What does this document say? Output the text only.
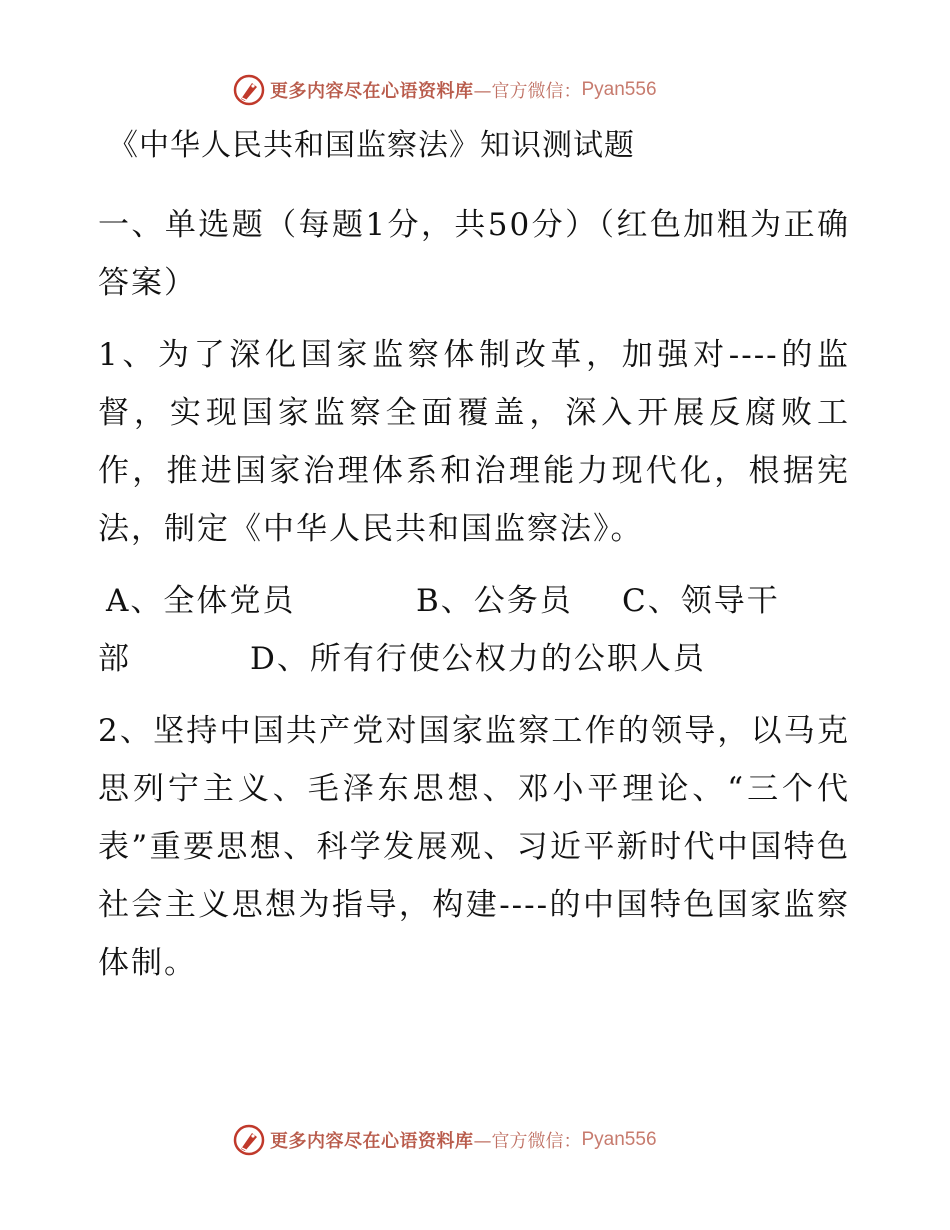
更多内容尽在心语资料库 —官方微信： Pyan556
《中华人民共和国监察法》知识测试题

一、单选题（每题1分，共50分）（红色加粗为正确答案）

1、为了深化国家监察体制改革，加强对----的监督，实现国家监察全面覆盖，深入开展反腐败工作，推进国家治理体系和治理能力现代化，根据宪法，制定《中华人民共和国监察法》。

A、全体党员	B、公务员	C、领导干
部	D、所有行使公权力的公职人员

2、坚持中国共产党对国家监察工作的领导，以马克思列宁主义、毛泽东思想、邓小平理论、“三个代表”重要思想、科学发展观、习近平新时代中国特色社会主义思想为指导，构建----的中国特色国家监察体制。

更多内容尽在心语资料库 —官方微信： Pyan556
